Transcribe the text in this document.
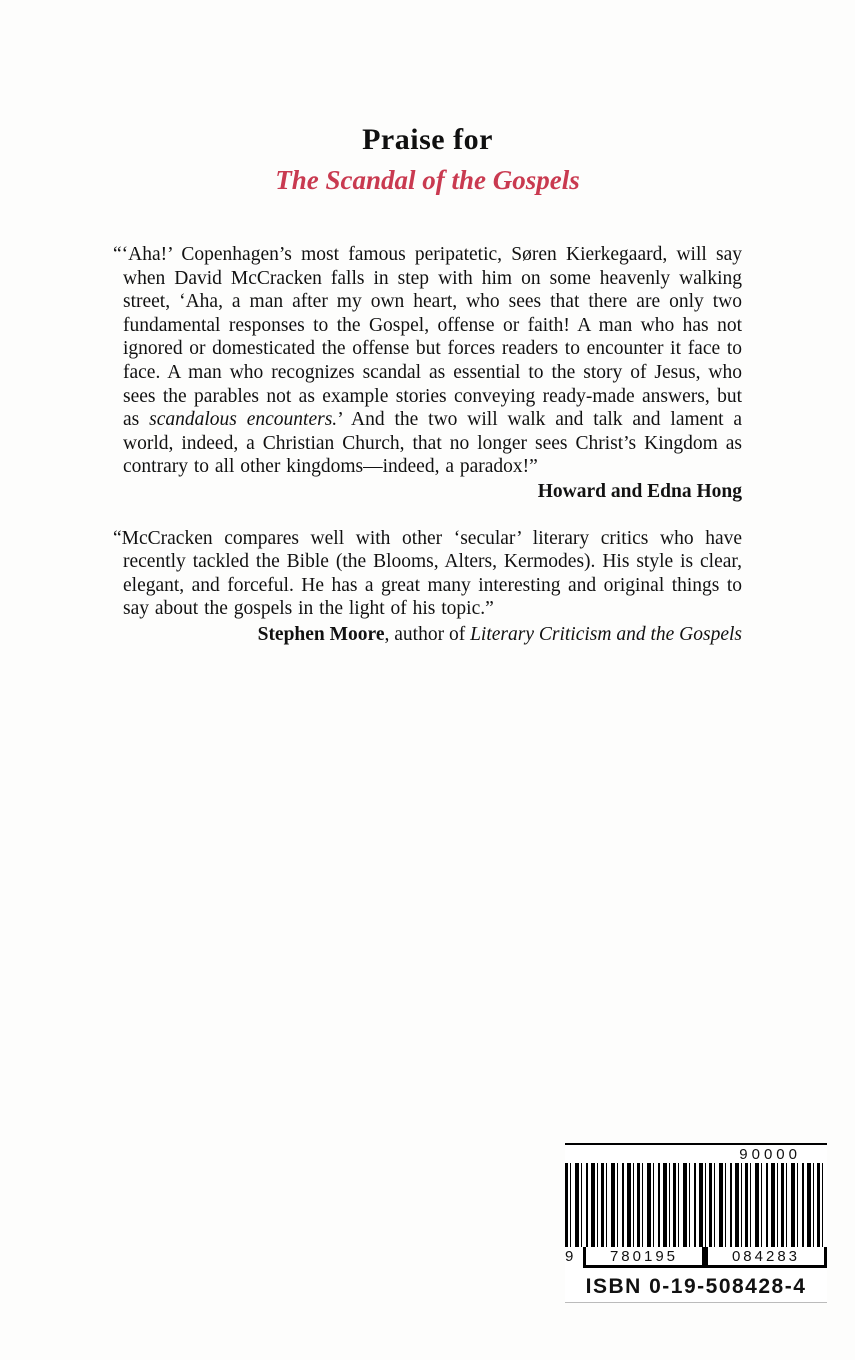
Praise for
The Scandal of the Gospels

“‘Aha!’ Copenhagen’s most famous peripatetic, Søren Kierkegaard, will say when David McCracken falls in step with him on some heavenly walking street, ‘Aha, a man after my own heart, who sees that there are only two fundamental responses to the Gospel, offense or faith! A man who has not ignored or domesticated the offense but forces readers to encounter it face to face. A man who recognizes scandal as essential to the story of Jesus, who sees the parables not as example stories conveying ready-made answers, but as scandalous encounters.’ And the two will walk and talk and lament a world, indeed, a Christian Church, that no longer sees Christ’s Kingdom as contrary to all other kingdoms—indeed, a paradox!”

Howard and Edna Hong

“McCracken compares well with other ‘secular’ literary critics who have recently tackled the Bible (the Blooms, Alters, Kermodes). His style is clear, elegant, and forceful. He has a great many interesting and original things to say about the gospels in the light of his topic.”

Stephen Moore, author of Literary Criticism and the Gospels

90000
9	780195	084283
ISBN 0-19-508428-4
